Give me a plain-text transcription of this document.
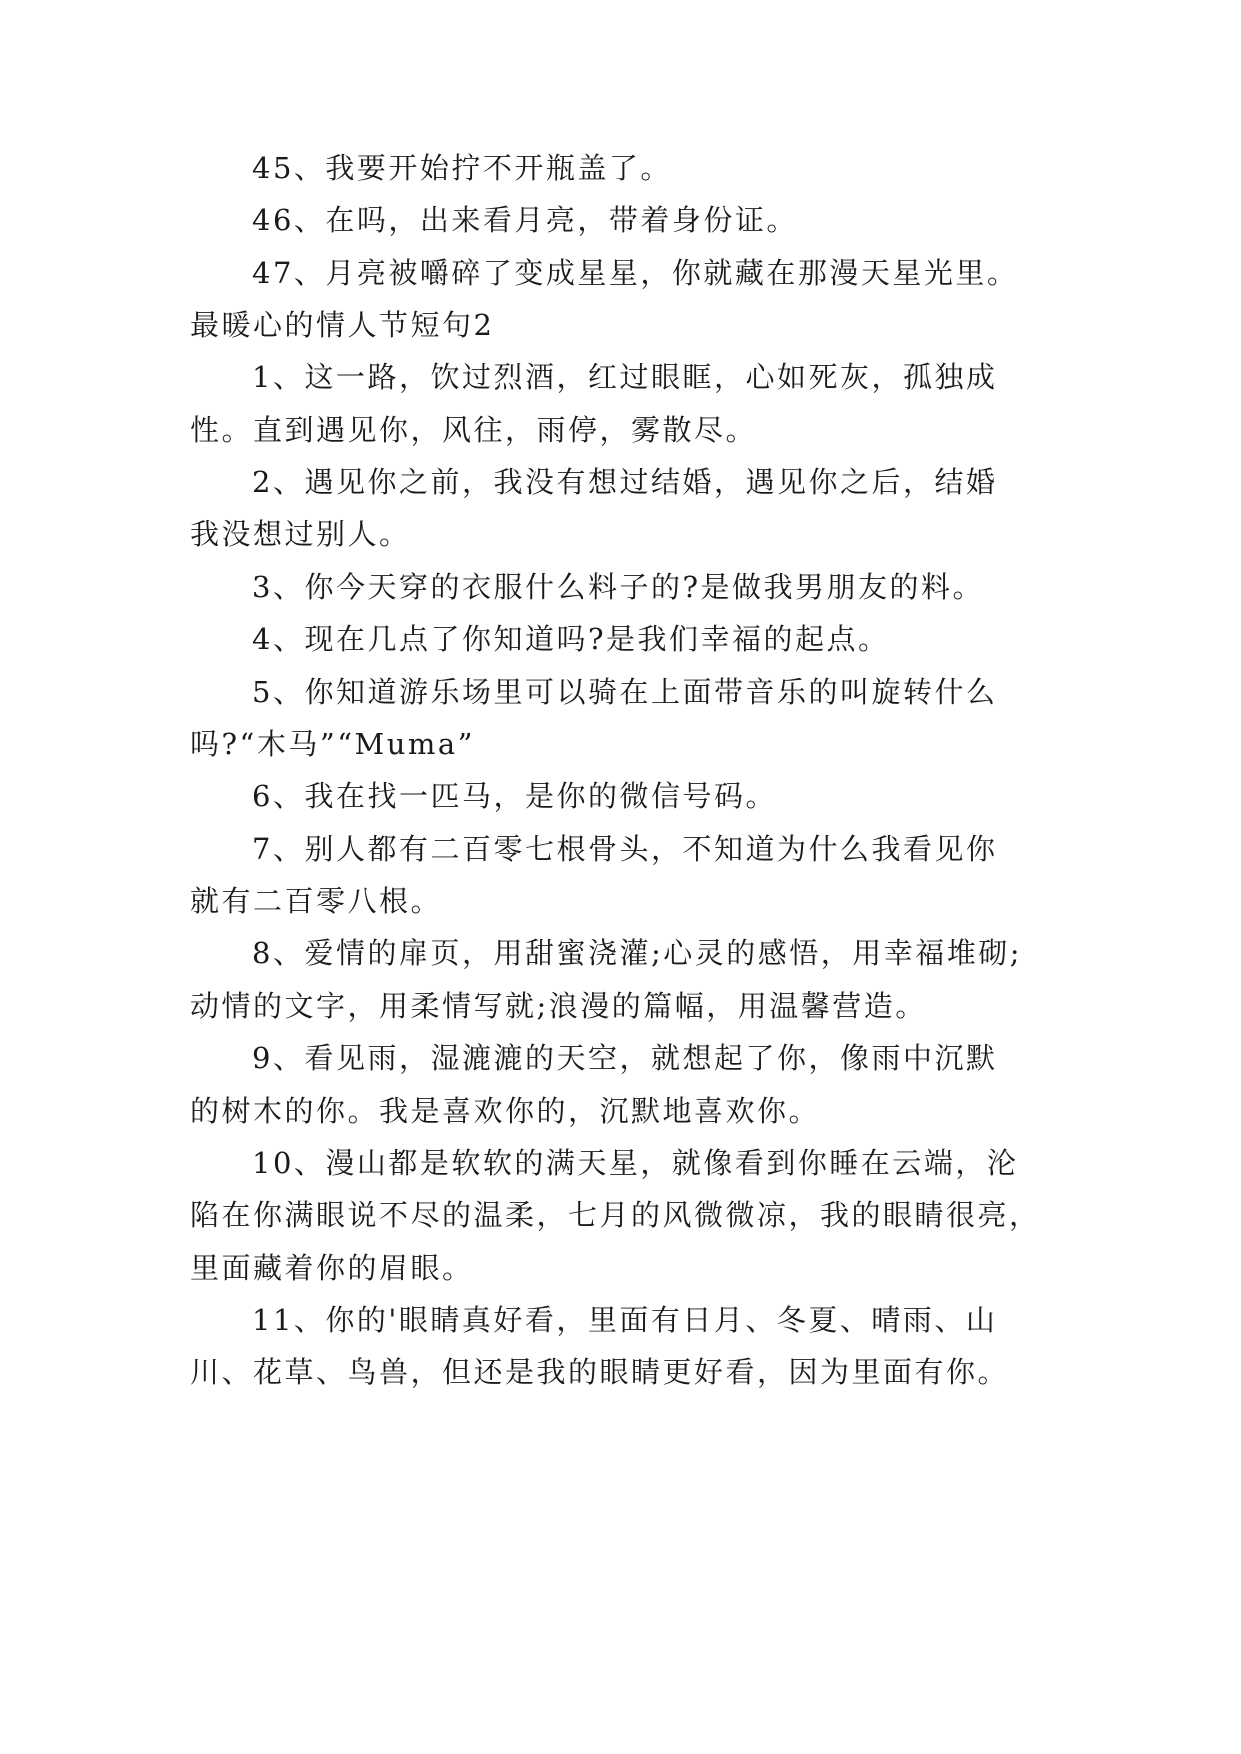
45、我要开始拧不开瓶盖了。
46、在吗，出来看月亮，带着身份证。
47、月亮被嚼碎了变成星星，你就藏在那漫天星光里。
最暖心的情人节短句2
1、这一路，饮过烈酒，红过眼眶，心如死灰，孤独成
性。直到遇见你，风往，雨停，雾散尽。
2、遇见你之前，我没有想过结婚，遇见你之后，结婚
我没想过别人。
3、你今天穿的衣服什么料子的?是做我男朋友的料。
4、现在几点了你知道吗?是我们幸福的起点。
5、你知道游乐场里可以骑在上面带音乐的叫旋转什么
吗?“木马”“Muma”
6、我在找一匹马，是你的微信号码。
7、别人都有二百零七根骨头，不知道为什么我看见你
就有二百零八根。
8、爱情的扉页，用甜蜜浇灌;心灵的感悟，用幸福堆砌;
动情的文字，用柔情写就;浪漫的篇幅，用温馨营造。
9、看见雨，湿漉漉的天空，就想起了你，像雨中沉默
的树木的你。我是喜欢你的，沉默地喜欢你。
10、漫山都是软软的满天星，就像看到你睡在云端，沦
陷在你满眼说不尽的温柔，七月的风微微凉，我的眼睛很亮，
里面藏着你的眉眼。
11、你的'眼睛真好看，里面有日月、冬夏、晴雨、山
川、花草、鸟兽，但还是我的眼睛更好看，因为里面有你。
